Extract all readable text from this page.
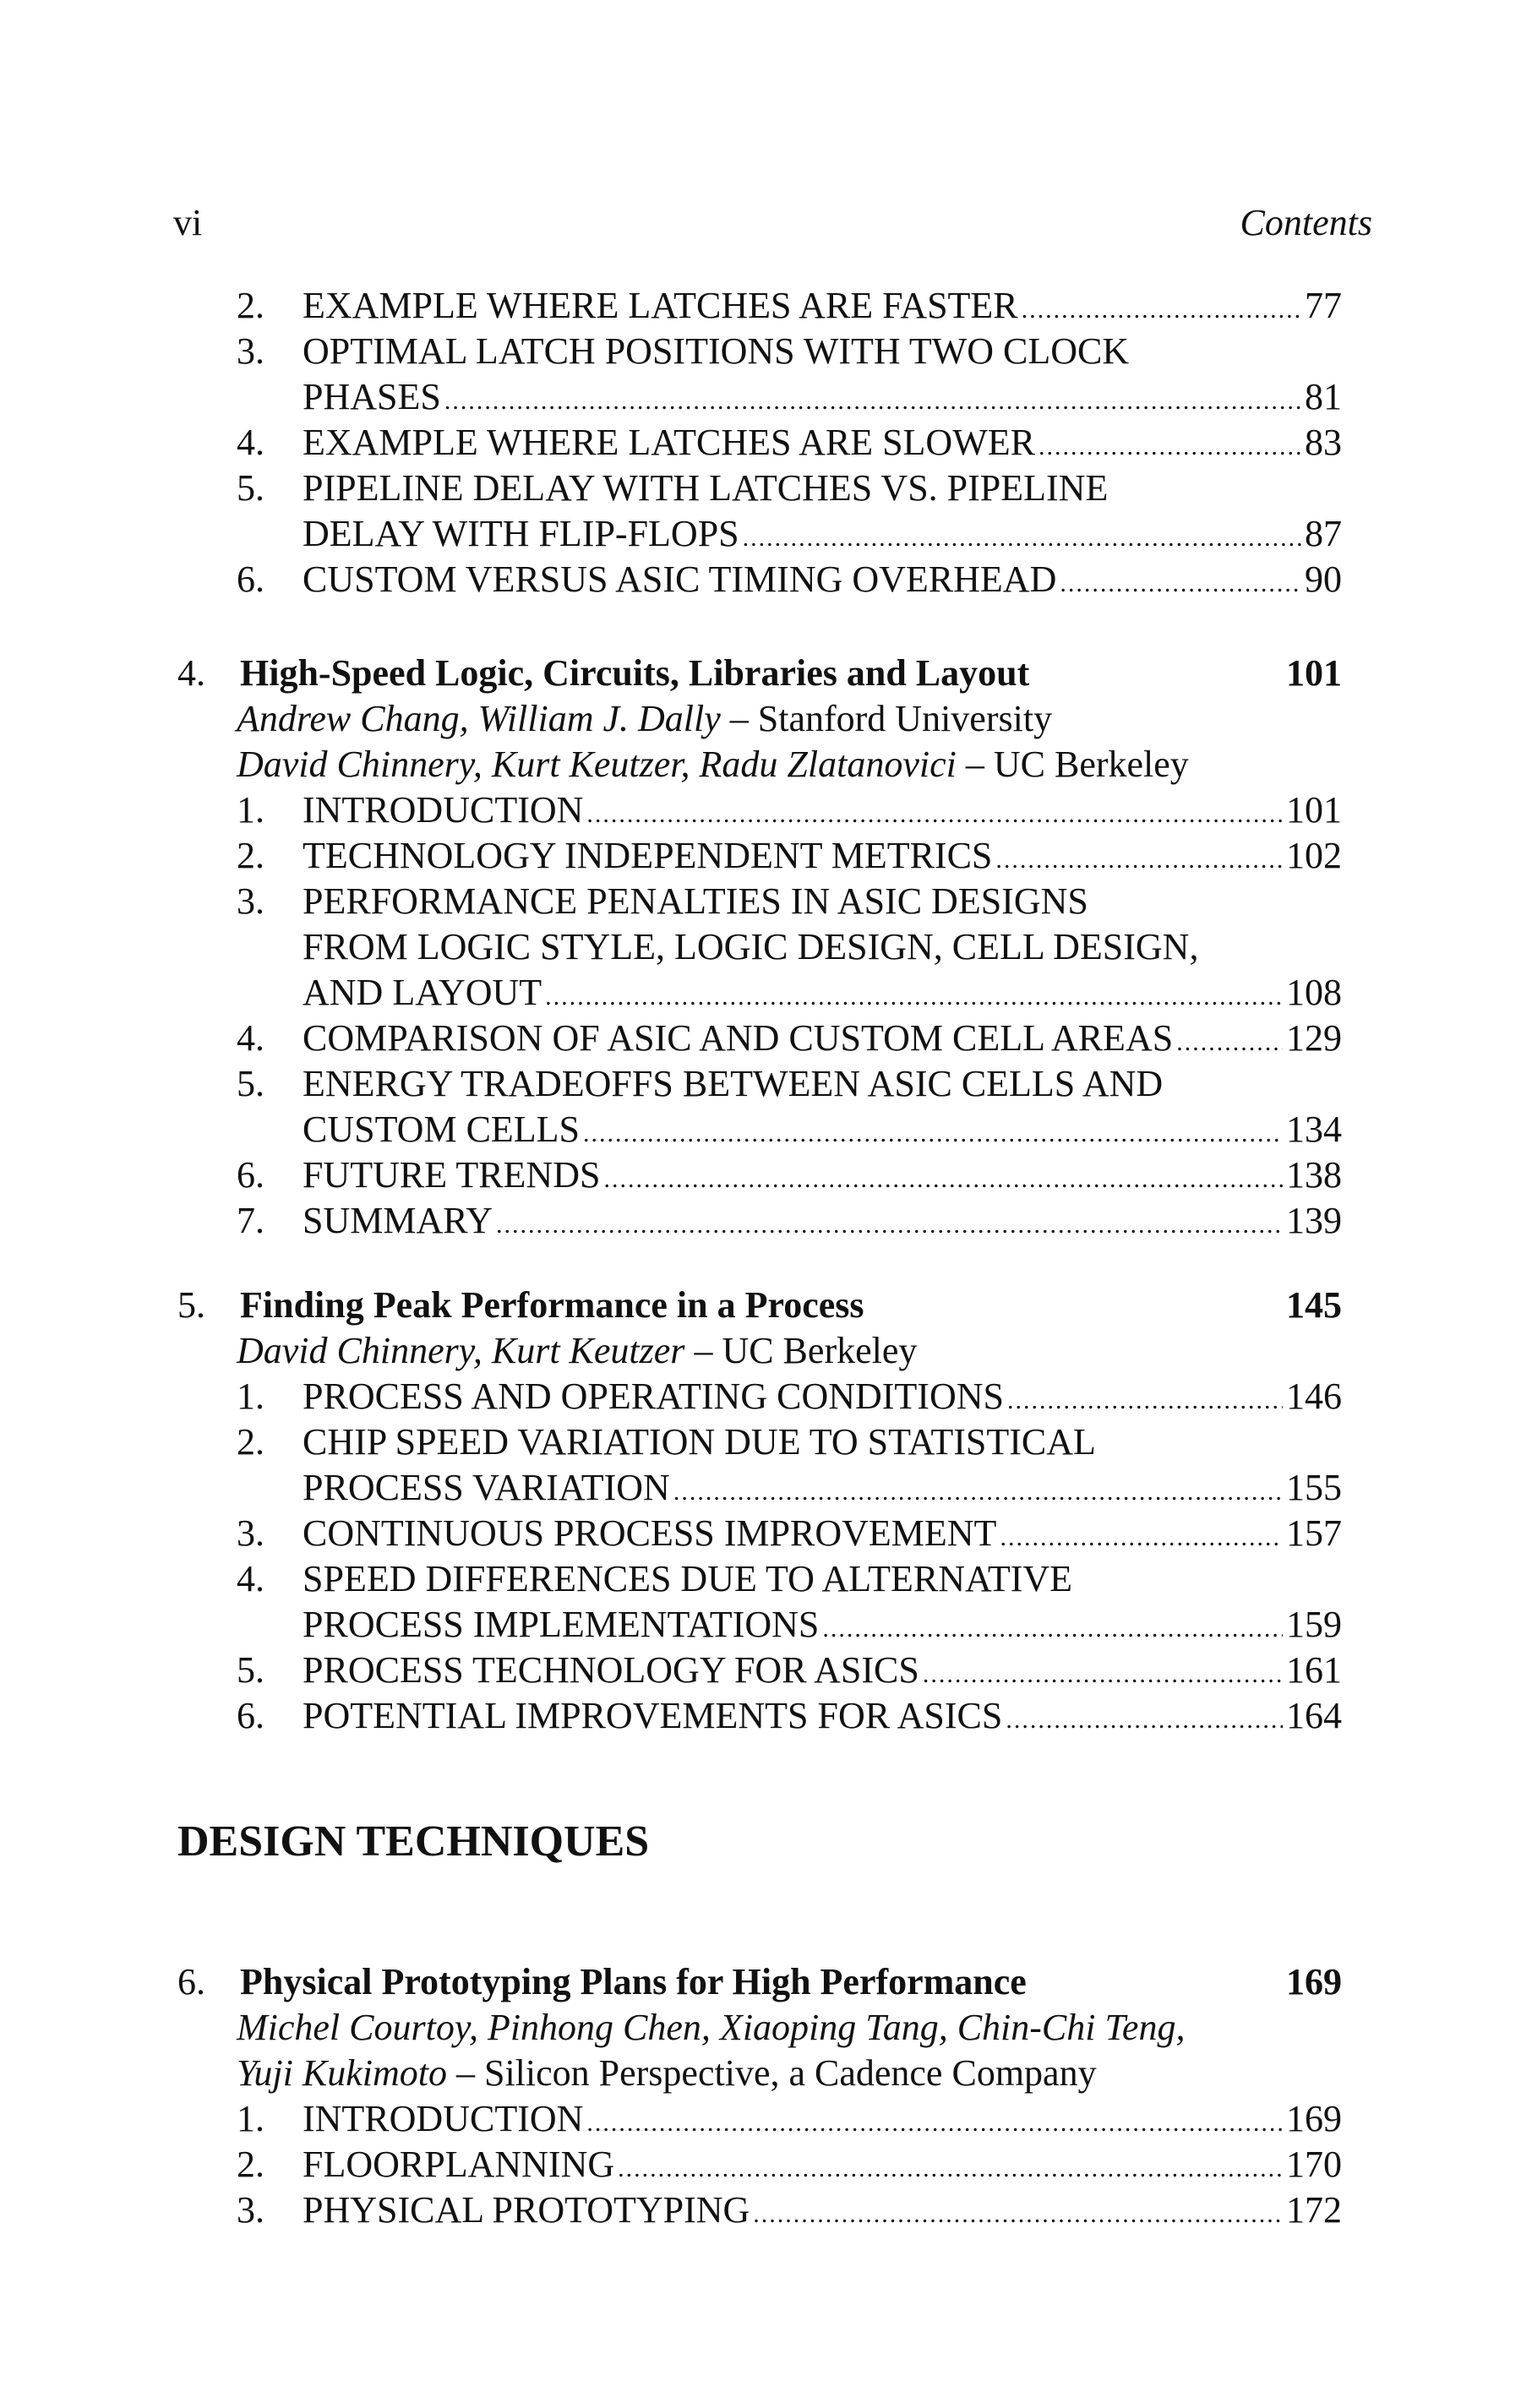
vi	Contents
2. EXAMPLE WHERE LATCHES ARE FASTER .....	77
3. OPTIMAL LATCH POSITIONS WITH TWO CLOCK
PHASES .....	81
4. EXAMPLE WHERE LATCHES ARE SLOWER .....	83
5. PIPELINE DELAY WITH LATCHES VS. PIPELINE
DELAY WITH FLIP-FLOPS .....	87
6. CUSTOM VERSUS ASIC TIMING OVERHEAD .....	90
4. High-Speed Logic, Circuits, Libraries and Layout	101
Andrew Chang, William J. Dally – Stanford University
David Chinnery, Kurt Keutzer, Radu Zlatanovici – UC Berkeley
1. INTRODUCTION .....	101
2. TECHNOLOGY INDEPENDENT METRICS .....	102
3. PERFORMANCE PENALTIES IN ASIC DESIGNS
FROM LOGIC STYLE, LOGIC DESIGN, CELL DESIGN,
AND LAYOUT .....	108
4. COMPARISON OF ASIC AND CUSTOM CELL AREAS .....	129
5. ENERGY TRADEOFFS BETWEEN ASIC CELLS AND
CUSTOM CELLS .....	134
6. FUTURE TRENDS .....	138
7. SUMMARY .....	139
5. Finding Peak Performance in a Process	145
David Chinnery, Kurt Keutzer – UC Berkeley
1. PROCESS AND OPERATING CONDITIONS .....	146
2. CHIP SPEED VARIATION DUE TO STATISTICAL
PROCESS VARIATION .....	155
3. CONTINUOUS PROCESS IMPROVEMENT .....	157
4. SPEED DIFFERENCES DUE TO ALTERNATIVE
PROCESS IMPLEMENTATIONS .....	159
5. PROCESS TECHNOLOGY FOR ASICS .....	161
6. POTENTIAL IMPROVEMENTS FOR ASICS .....	164
DESIGN TECHNIQUES
6. Physical Prototyping Plans for High Performance	169
Michel Courtoy, Pinhong Chen, Xiaoping Tang, Chin-Chi Teng,
Yuji Kukimoto – Silicon Perspective, a Cadence Company
1. INTRODUCTION .....	169
2. FLOORPLANNING .....	170
3. PHYSICAL PROTOTYPING .....	172
